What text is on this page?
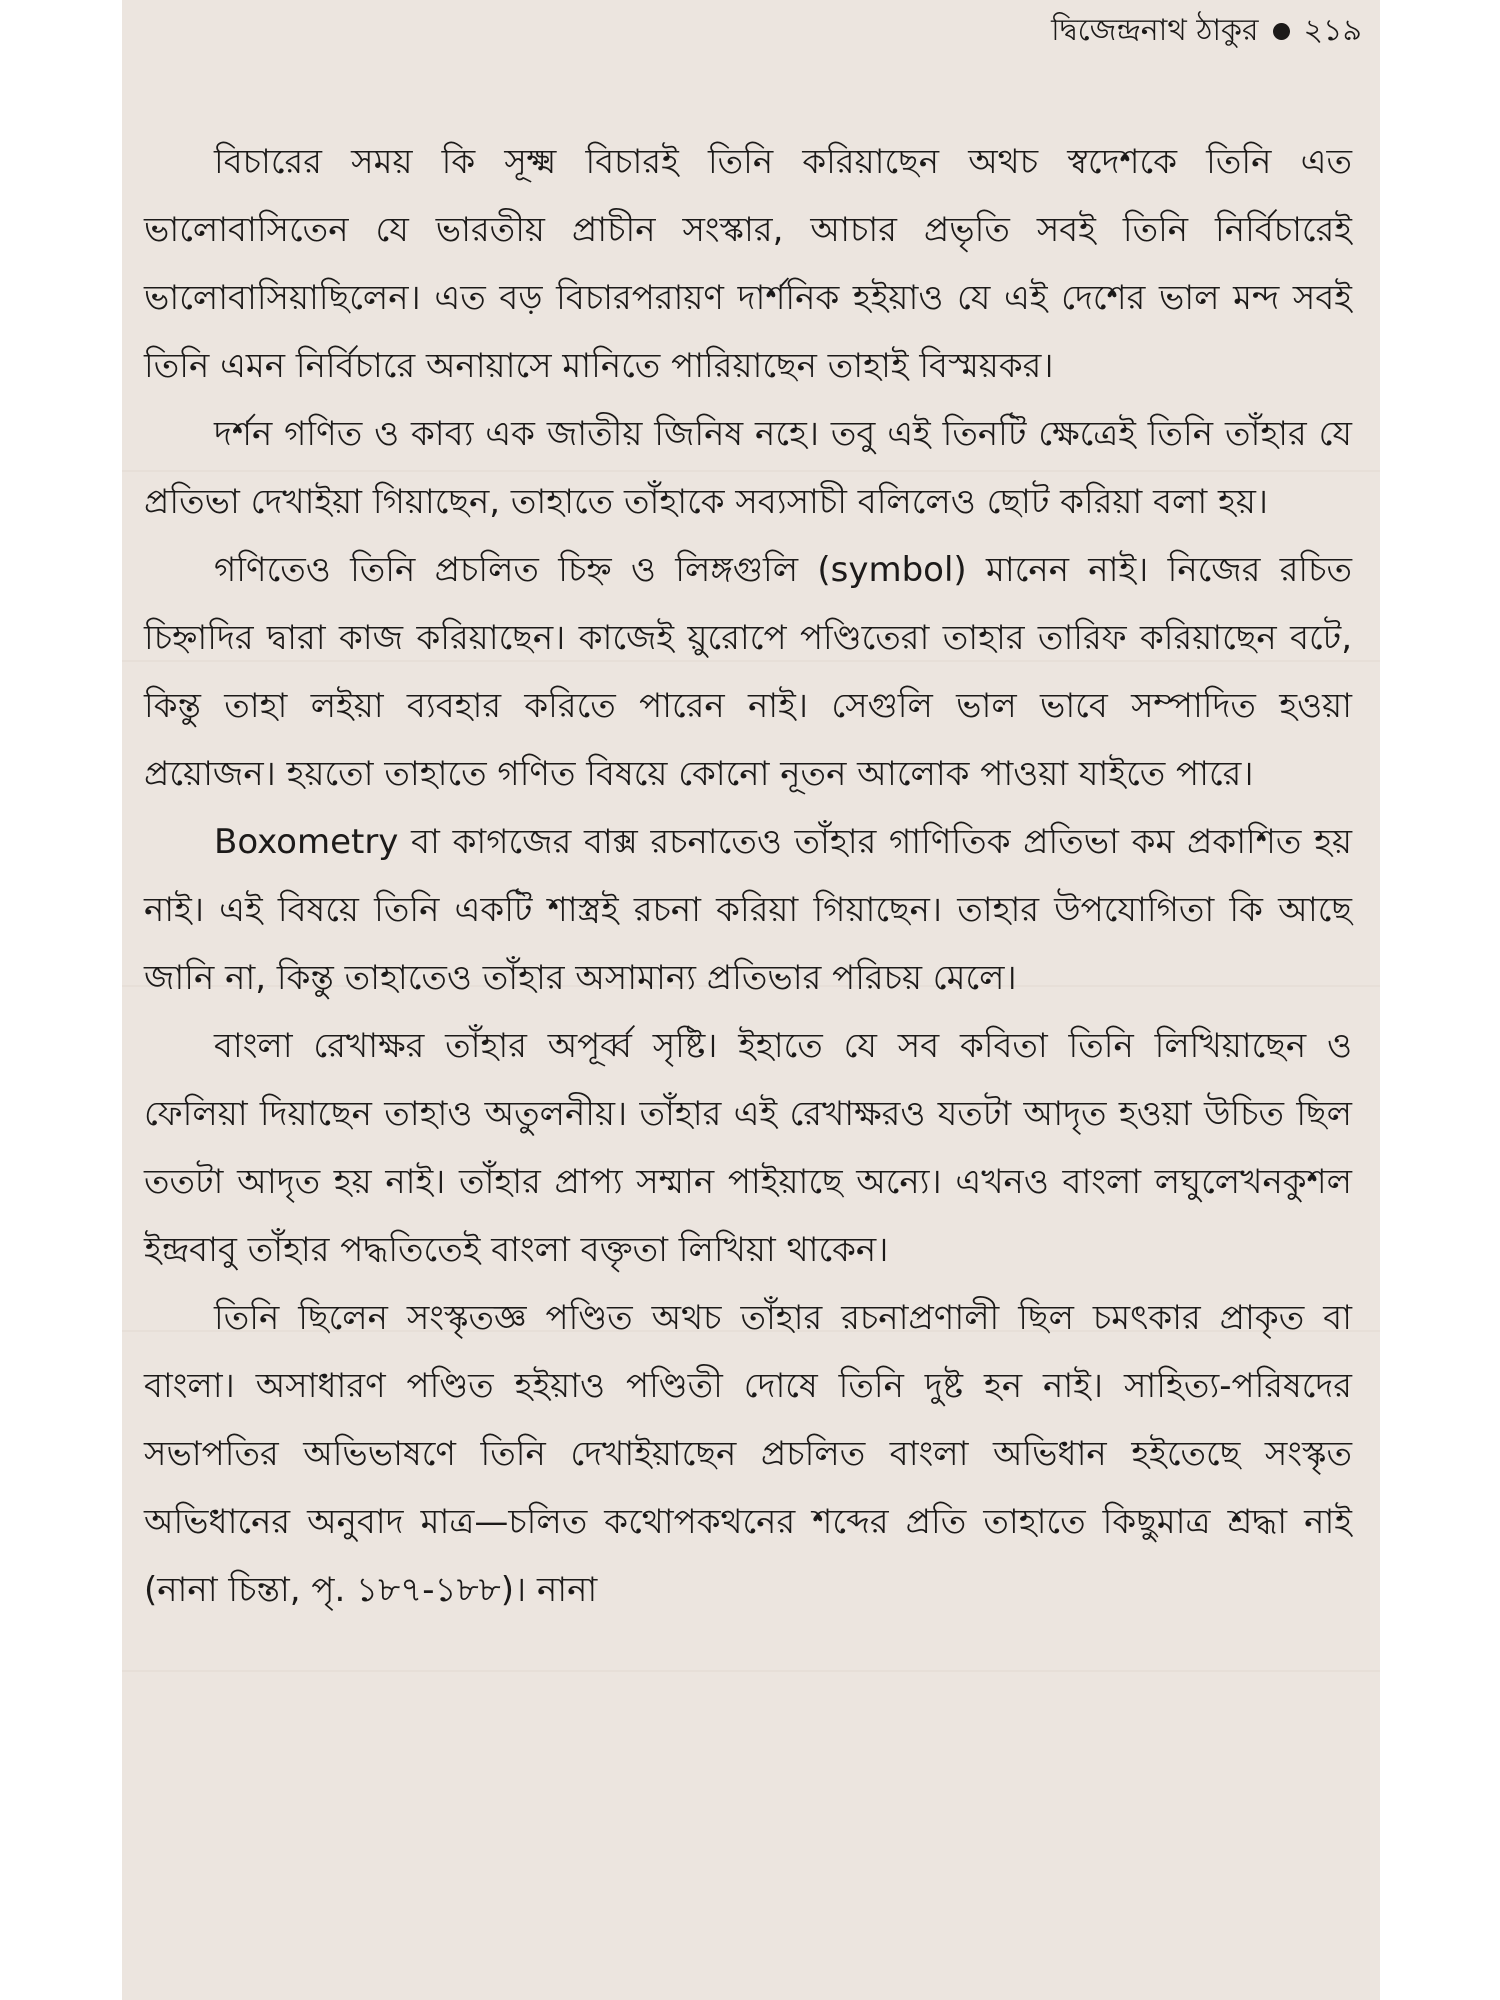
দ্বিজেন্দ্রনাথ ঠাকুর ২১৯

বিচারের সময় কি সূক্ষ্ম বিচারই তিনি করিয়াছেন অথচ স্বদেশকে তিনি এত ভালোবাসিতেন যে ভারতীয় প্রাচীন সংস্কার, আচার প্রভৃতি সবই তিনি নির্বিচারেই ভালোবাসিয়াছিলেন। এত বড় বিচারপরায়ণ দার্শনিক হইয়াও যে এই দেশের ভাল মন্দ সবই তিনি এমন নির্বিচারে অনায়াসে মানিতে পারিয়াছেন তাহাই বিস্ময়কর।

দর্শন গণিত ও কাব্য এক জাতীয় জিনিষ নহে। তবু এই তিনটি ক্ষেত্রেই তিনি তাঁহার যে প্রতিভা দেখাইয়া গিয়াছেন, তাহাতে তাঁহাকে সব্যসাচী বলিলেও ছোট করিয়া বলা হয়।

গণিতেও তিনি প্রচলিত চিহ্ন ও লিঙ্গগুলি (symbol) মানেন নাই। নিজের রচিত চিহ্নাদির দ্বারা কাজ করিয়াছেন। কাজেই য়ুরোপে পণ্ডিতেরা তাহার তারিফ করিয়াছেন বটে, কিন্তু তাহা লইয়া ব্যবহার করিতে পারেন নাই। সেগুলি ভাল ভাবে সম্পাদিত হওয়া প্রয়োজন। হয়তো তাহাতে গণিত বিষয়ে কোনো নূতন আলোক পাওয়া যাইতে পারে।

Boxometry বা কাগজের বাক্স রচনাতেও তাঁহার গাণিতিক প্রতিভা কম প্রকাশিত হয় নাই। এই বিষয়ে তিনি একটি শাস্ত্রই রচনা করিয়া গিয়াছেন। তাহার উপযোগিতা কি আছে জানি না, কিন্তু তাহাতেও তাঁহার অসামান্য প্রতিভার পরিচয় মেলে।

বাংলা রেখাক্ষর তাঁহার অপূর্ব্ব সৃষ্টি। ইহাতে যে সব কবিতা তিনি লিখিয়াছেন ও ফেলিয়া দিয়াছেন তাহাও অতুলনীয়। তাঁহার এই রেখাক্ষরও যতটা আদৃত হওয়া উচিত ছিল ততটা আদৃত হয় নাই। তাঁহার প্রাপ্য সম্মান পাইয়াছে অন্যে। এখনও বাংলা লঘুলেখনকুশল ইন্দ্রবাবু তাঁহার পদ্ধতিতেই বাংলা বক্তৃতা লিখিয়া থাকেন।

তিনি ছিলেন সংস্কৃতজ্ঞ পণ্ডিত অথচ তাঁহার রচনাপ্রণালী ছিল চমৎকার প্রাকৃত বা বাংলা। অসাধারণ পণ্ডিত হইয়াও পণ্ডিতী দোষে তিনি দুষ্ট হন নাই। সাহিত্য-পরিষদের সভাপতির অভিভাষণে তিনি দেখাইয়াছেন প্রচলিত বাংলা অভিধান হইতেছে সংস্কৃত অভিধানের অনুবাদ মাত্র—চলিত কথোপকথনের শব্দের প্রতি তাহাতে কিছুমাত্র শ্রদ্ধা নাই (নানা চিন্তা, পৃ. ১৮৭-১৮৮)। নানা
